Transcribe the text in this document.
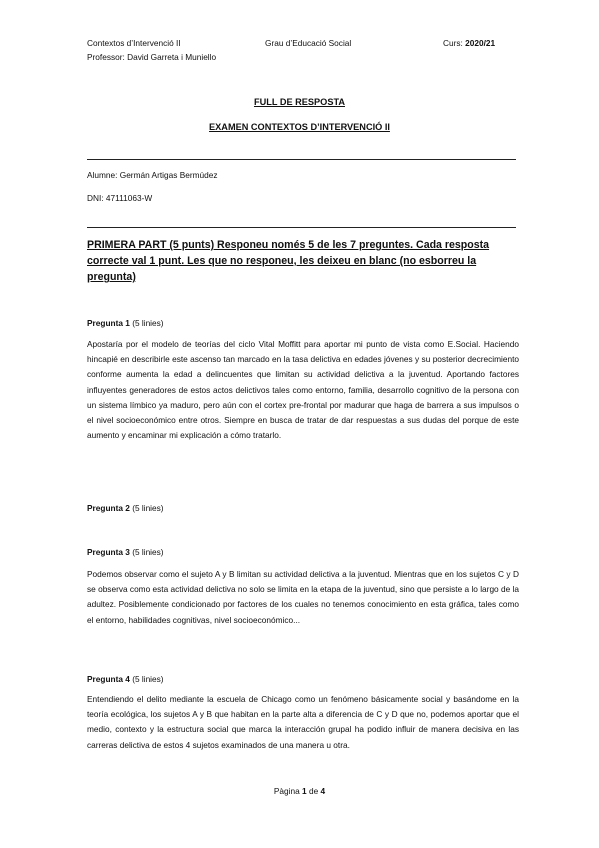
Contextos d’Intervenció II	Grau d’Educació Social	Curs: 2020/21
Professor: David Garreta i Muniello
FULL DE RESPOSTA
EXAMEN CONTEXTOS D’INTERVENCIÓ II
Alumne: Germán Artigas Bermúdez
DNI: 47111063-W
PRIMERA PART (5 punts) Responeu només 5 de les 7 preguntes. Cada resposta correcte val 1 punt. Les que no responeu, les deixeu en blanc (no esborreu la pregunta)
Pregunta 1 (5 linies)
Apostaría por el modelo de teorías del ciclo Vital Moffitt para aportar mi punto de vista como E.Social. Haciendo hincapié en describirle este ascenso tan marcado en la tasa delictiva en edades jóvenes y su posterior decrecimiento conforme aumenta la edad a delincuentes que limitan su actividad delictiva a la juventud. Aportando factores influyentes generadores de estos actos delictivos tales como entorno, familia, desarrollo cognitivo de la persona con un sistema límbico ya maduro, pero aún con el cortex pre-frontal por madurar que haga de barrera a sus impulsos o el nivel socioeconómico entre otros. Siempre en busca de tratar de dar respuestas a sus dudas del porque de este aumento y encaminar mi explicación a cómo tratarlo.
Pregunta 2 (5 linies)
Pregunta 3 (5 linies)
Podemos observar como el sujeto A y B limitan su actividad delictiva a la juventud. Mientras que en los sujetos C y D se observa como esta actividad delictiva no solo se limita en la etapa de la juventud, sino que persiste a lo largo de la adultez. Posiblemente condicionado por factores de los cuales no tenemos conocimiento en esta gráfica, tales como el entorno, habilidades cognitivas, nivel socioeconómico...
Pregunta 4 (5 linies)
Entendiendo el delito mediante la escuela de Chicago como un fenómeno básicamente social y basándome en la teoría ecológica, los sujetos A y B que habitan en la parte alta a diferencia de C y D que no, podemos aportar que el medio, contexto y la estructura social que marca la interacción grupal ha podido influir de manera decisiva en las carreras delictiva de estos 4 sujetos examinados de una manera u otra.
Pàgina 1 de 4
